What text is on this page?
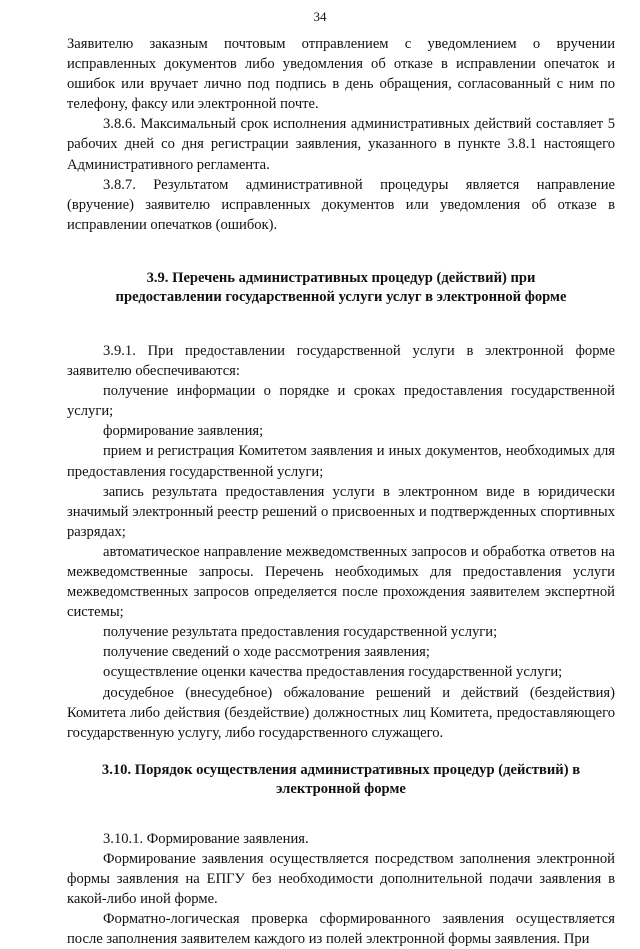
34

Заявителю заказным почтовым отправлением с уведомлением о вручении исправленных документов либо уведомления об отказе в исправлении опечаток и ошибок или вручает лично под подпись в день обращения, согласованный с ним по телефону, факсу или электронной почте.

3.8.6. Максимальный срок исполнения административных действий составляет 5 рабочих дней со дня регистрации заявления, указанного в пункте 3.8.1 настоящего Административного регламента.

3.8.7. Результатом административной процедуры является направление (вручение) заявителю исправленных документов или уведомления об отказе в исправлении опечатков (ошибок).

3.9. Перечень административных процедур (действий) при
предоставлении государственной услуги услуг в электронной форме

3.9.1. При предоставлении государственной услуги в электронной форме заявителю обеспечиваются:

получение информации о порядке и сроках предоставления государственной услуги;

формирование заявления;

прием и регистрация Комитетом заявления и иных документов, необходимых для предоставления государственной услуги;

запись результата предоставления услуги в электронном виде в юридически значимый электронный реестр решений о присвоенных и подтвержденных спортивных разрядах;

автоматическое направление межведомственных запросов и обработка ответов на межведомственные запросы. Перечень необходимых для предоставления услуги межведомственных запросов определяется после прохождения заявителем экспертной системы;

получение результата предоставления государственной услуги;

получение сведений о ходе рассмотрения заявления;

осуществление оценки качества предоставления государственной услуги;

досудебное (внесудебное) обжалование решений и действий (бездействия) Комитета либо действия (бездействие) должностных лиц Комитета, предоставляющего государственную услугу, либо государственного служащего.

3.10. Порядок осуществления административных процедур (действий) в
электронной форме

3.10.1. Формирование заявления.

Формирование заявления осуществляется посредством заполнения электронной формы заявления на ЕПГУ без необходимости дополнительной подачи заявления в какой-либо иной форме.

Форматно-логическая проверка сформированного заявления осуществляется после заполнения заявителем каждого из полей электронной формы заявления. При
